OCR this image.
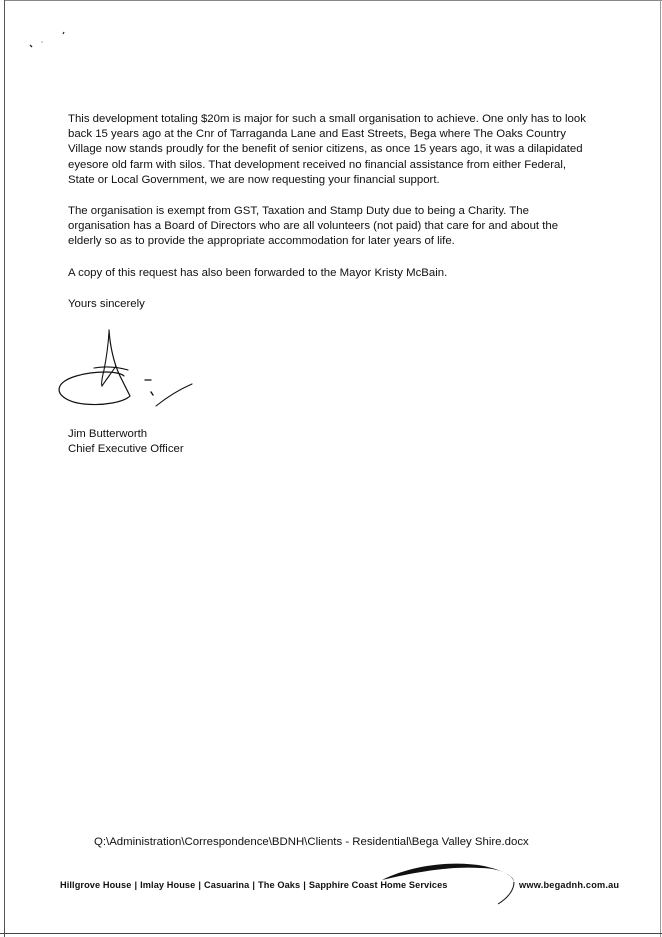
This development totaling $20m is major for such a small organisation to achieve. One only has to look back 15 years ago at the Cnr of Tarraganda Lane and East Streets, Bega where The Oaks Country Village now stands proudly for the benefit of senior citizens, as once 15 years ago, it was a dilapidated eyesore old farm with silos. That development received no financial assistance from either Federal, State or Local Government, we are now requesting your financial support.

The organisation is exempt from GST, Taxation and Stamp Duty due to being a Charity. The organisation has a Board of Directors who are all volunteers (not paid) that care for and about the elderly so as to provide the appropriate accommodation for later years of life.

A copy of this request has also been forwarded to the Mayor Kristy McBain.

Yours sincerely

Jim Butterworth
Chief Executive Officer
Q:\Administration\Correspondence\BDNH\Clients - Residential\Bega Valley Shire.docx
Hillgrove House | Imlay House | Casuarina | The Oaks | Sapphire Coast Home Services	www.begadnh.com.au
